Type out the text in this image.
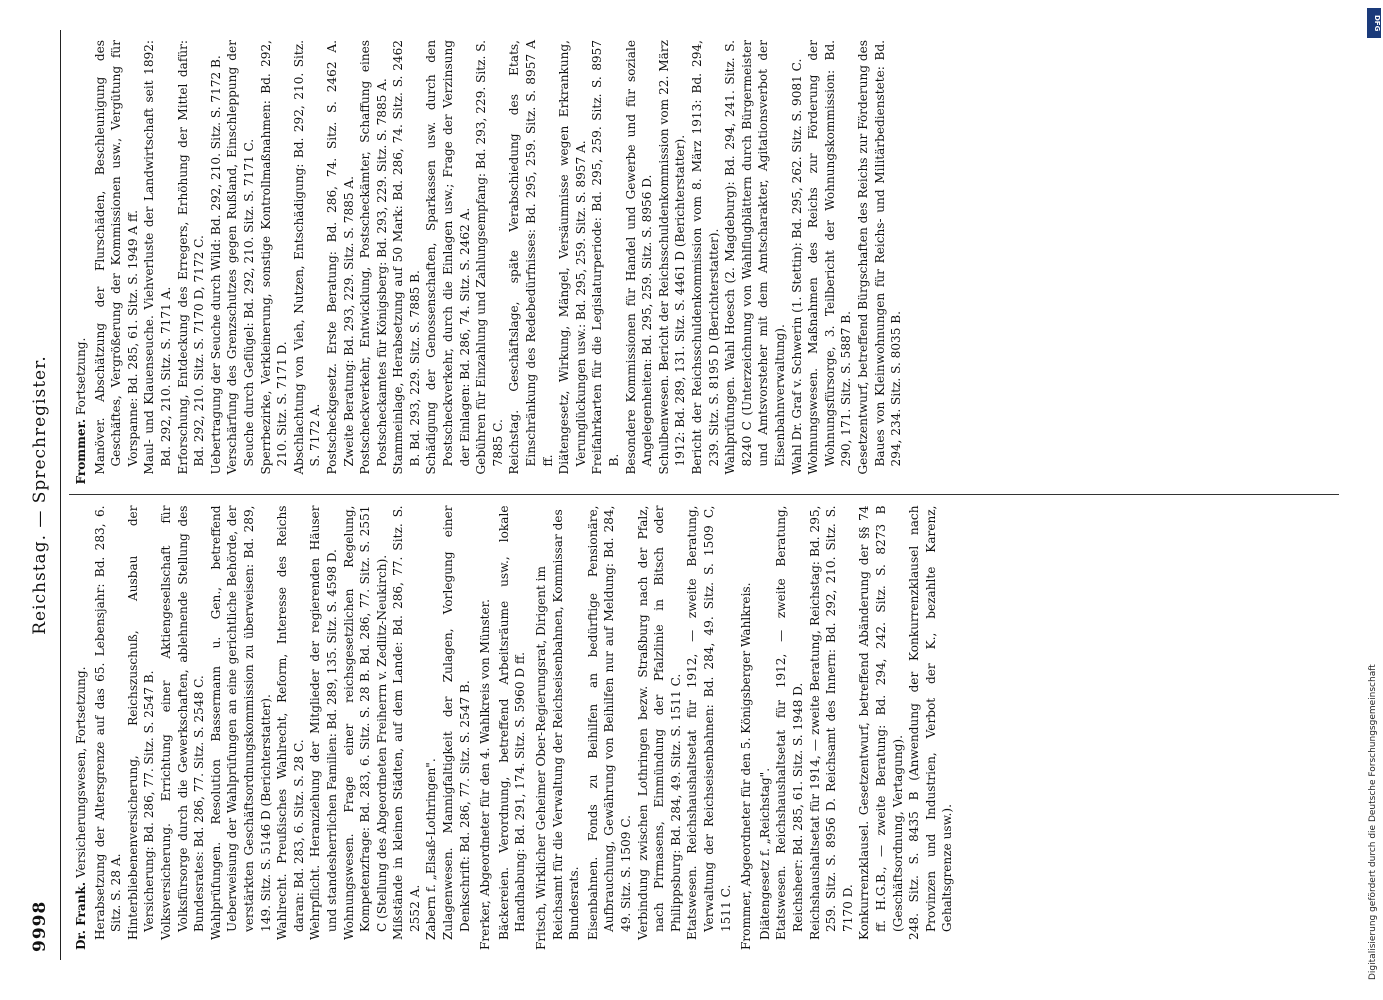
9998
Reichstag. — Sprechregister.
Dr. Frank. Versicherungswesen, Fortsetzung. Herabsetzung der Altersgrenze auf das 65. Lebensjahr: Bd. 283, 6. Sitz. S. 28 A. Hinterbliebenenversicherung, Reichszuschuß, Ausbau der Versicherung: Bd. 286, 77. Sitz. S. 2547 B. Volksversicherung. Errichtung einer Aktiengesellschaft für Volksfürsorge durch die Gewerkschaften, ablehnende Stellung des Bundesrates: Bd. 286, 77. Sitz. S. 2548 C. Wahlprüfungen. Resolution Bassermann u. Gen., betreffend Ueberweisung der Wahlprüfungen an eine gerichtliche Behörde, der verstärkten Geschäftsordnungskommission zu überweisen: Bd. 289, 149. Sitz. S. 5146 D (Berichterstatter). Wahlrecht. Preußisches Wahlrecht, Reform, Interesse des Reichs daran: Bd. 283, 6. Sitz. S. 28 C. Wehrpflicht. Heranziehung der Mitglieder der regierenden Häuser und standesherrlichen Familien: Bd. 289, 135. Sitz. S. 4598 D. Wohnungswesen. Frage einer reichsgesetzlichen Regelung, Kompetenzfrage: Bd. 283, 6. Sitz. S. 28 B. Bd. 286, 77. Sitz. S. 2551 C (Stellung des Abgeordneten Freiherrn v. Zedlitz-Neukirch). Mißstände in kleinen Städten, auf dem Lande: Bd. 286, 77. Sitz. S. 2552 A. Zabern f. „Elsaß-Lothringen". Zulagenwesen. Mannigfaltigkeit der Zulagen, Vorlegung einer Denkschrift: Bd. 286, 77. Sitz. S. 2547 B. Frerker, Abgeordneter für den 4. Wahlkreis von Münster. Bäckereien. Verordnung, betreffend Arbeitsräume usw., lokale Handhabung: Bd. 291, 174. Sitz. S. 5960 D ff. Fritsch, Wirklicher Geheimer Ober-Regierungsrat, Dirigent im Reichsamt für die Verwaltung der Reichseisenbahnen, Kommissar des Bundesrats. Eisenbahnen. Fonds zu Beihilfen an bedürftige Pensionäre, Aufbrauchung, Gewährung von Beihilfen nur auf Meldung: Bd. 284, 49. Sitz. S. 1509 C. Verbindung zwischen Lothringen bezw. Straßburg nach der Pfalz, nach Pirmasens, Einmündung der Pfalzlinie in Bitsch oder Philippsburg: Bd. 284, 49. Sitz. S. 1511 C. Etatswesen. Reichshaushaltsetat für 1912, — zweite Beratung, Verwaltung der Reichseisenbahnen: Bd. 284, 49. Sitz. S. 1509 C, 1511 C. Frommer, Abgeordneter für den 5. Königsberger Wahlkreis. Diätengesetz f. „Reichstag". Etatswesen. Reichshaushaltsetat für 1912, — zweite Beratung, Reichsheer: Bd. 285, 61. Sitz. S. 1948 D. Reichshaushaltsetat für 1914, — zweite Beratung, Reichstag: Bd. 295, 259. Sitz. S. 8956 D. Reichsamt des Innern: Bd. 292, 210. Sitz. S. 7170 D. Konkurrenzklausel. Gesetzentwurf, betreffend Abänderung der §§ 74 ff. H.G.B., — zweite Beratung: Bd. 294, 242. Sitz. S. 8273 B (Geschäftsordnung, Vertagung). 248. Sitz. S. 8435 B (Anwendung der Konkurrenzklausel nach Provinzen und Industrien, Verbot der K., bezahlte Karenz, Gehaltsgrenze usw.).
Frommer. Fortsetzung. Manöver. Abschätzung der Flurschäden, Beschleunigung des Geschäftes, Vergrößerung der Kommissionen usw., Vergütung für Vorspanne: Bd. 285, 61. Sitz. S. 1949 A ff. Maul- und Klauenseuche. Viehverluste der Landwirtschaft seit 1892: Bd. 292, 210. Sitz. S. 7171 A. Erforschung, Entdeckung des Erregers, Erhöhung der Mittel dafür: Bd. 292, 210. Sitz. S. 7170 D, 7172 C. Uebertragung der Seuche durch Wild: Bd. 292, 210. Sitz. S. 7172 B. Verschärfung des Grenzschutzes gegen Rußland, Einschleppung der Seuche durch Geflügel: Bd. 292, 210. Sitz. S. 7171 C. Sperrbezirke, Verkleinerung, sonstige Kontrollmaßnahmen: Bd. 292, 210. Sitz. S. 7171 D. Abschlachtung von Vieh, Nutzen, Entschädigung: Bd. 292, 210. Sitz. S. 7172 A. Postscheckgesetz. Erste Beratung: Bd. 286, 74. Sitz. S. 2462 A. Zweite Beratung: Bd. 293, 229. Sitz. S. 7885 A. Postscheckverkehr, Entwicklung, Postscheckämter, Schaffung eines Postscheckamtes für Königsberg: Bd. 293, 229. Sitz. S. 7885 A. Stammeinlage, Herabsetzung auf 50 Mark: Bd. 286, 74. Sitz. S. 2462 B. Bd. 293, 229. Sitz. S. 7885 B. Schädigung der Genossenschaften, Sparkassen usw. durch den Postscheckverkehr, durch die Einlagen usw.; Frage der Verzinsung der Einlagen: Bd. 286, 74. Sitz. S. 2462 A. Gebühren für Einzahlung und Zahlungsempfang: Bd. 293, 229. Sitz. S. 7885 C. Reichstag. Geschäftslage, späte Verabschiedung des Etats, Einschränkung des Redebedürfnisses: Bd. 295, 259. Sitz. S. 8957 A ff. Diätengesetz, Wirkung, Mängel, Versäumnisse wegen Erkrankung, Verunglückungen usw.: Bd. 295, 259. Sitz. S. 8957 A. Freifahrkarten für die Legislaturperiode: Bd. 295, 259. Sitz. S. 8957 B. Besondere Kommissionen für Handel und Gewerbe und für soziale Angelegenheiten: Bd. 295, 259. Sitz. S. 8956 D. Schulbenwesen. Bericht der Reichsschuldenkommission vom 22. März 1912: Bd. 289, 131. Sitz. S. 4461 D (Berichterstatter). Bericht der Reichsschuldenkommission vom 8. März 1913: Bd. 294, 239. Sitz. S. 8195 D (Berichterstatter). Wahlprüfungen. Wahl Hoesch (2. Magdeburg): Bd. 294, 241. Sitz. S. 8240 C (Unterzeichnung von Wahlflugblättern durch Bürgermeister und Amtsvorsteher mit dem Amtscharakter, Agitationsverbot der Eisenbahnverwaltung). Wahl Dr. Graf v. Schwerin (1. Stettin): Bd. 295, 262. Sitz. S. 9081 C. Wohnungswesen. Maßnahmen des Reichs zur Förderung der Wohnungsfürsorge, 3. Teilbericht der Wohnungskommission: Bd. 290, 171. Sitz. S. 5887 B. Gesetzentwurf, betreffend Bürgschaften des Reichs zur Förderung des Baues von Kleinwohnungen für Reichs- und Militärbedienstete: Bd. 294, 234. Sitz. S. 8035 B.
DFG
Digitalisierung gefördert durch die Deutsche Forschungsgemeinschaft
